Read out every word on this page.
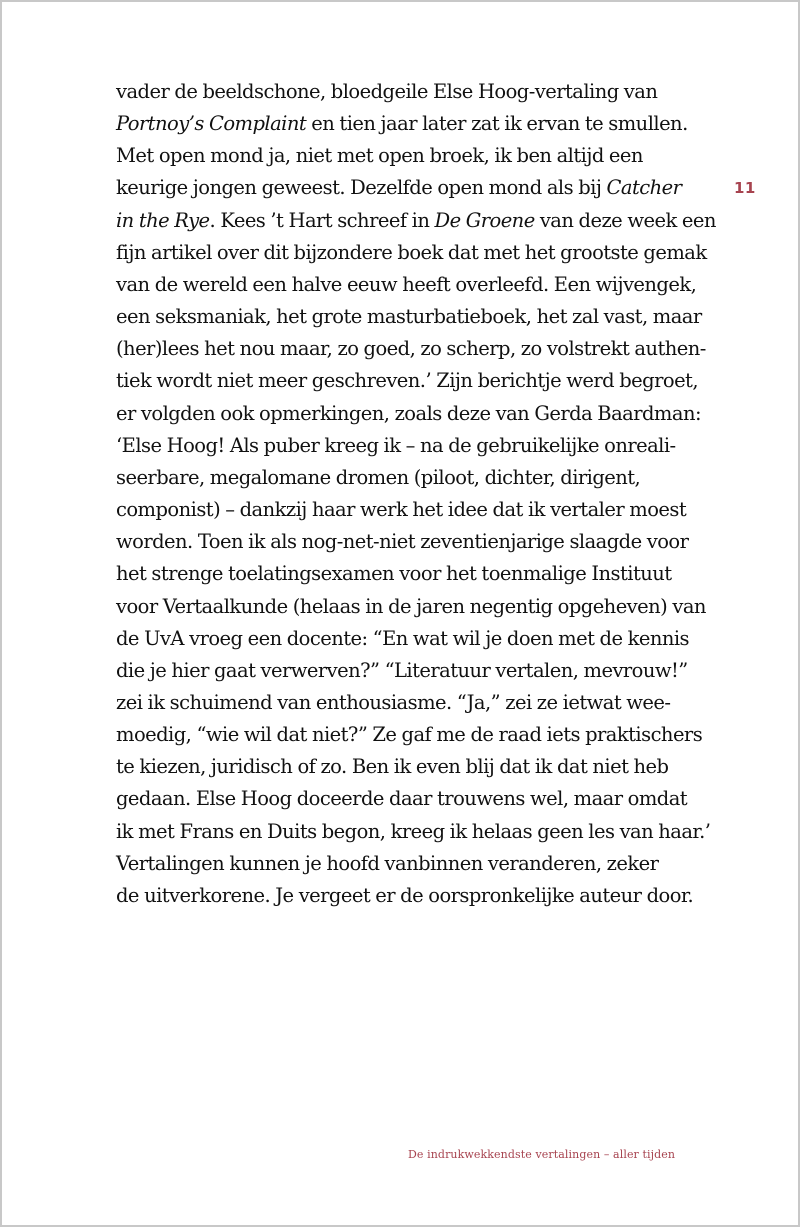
11
vader de beeldschone, bloedgeile Else Hoog-vertaling van
Portnoy’s Complaint en tien jaar later zat ik ervan te smullen.
Met open mond ja, niet met open broek, ik ben altijd een
keurige jongen geweest. Dezelfde open mond als bij Catcher
in the Rye. Kees ’t Hart schreef in De Groene van deze week een
fijn artikel over dit bijzondere boek dat met het grootste gemak
van de wereld een halve eeuw heeft overleefd. Een wijvengek,
een seksmaniak, het grote masturbatieboek, het zal vast, maar
(her)lees het nou maar, zo goed, zo scherp, zo volstrekt authen-
tiek wordt niet meer geschreven.’ Zijn berichtje werd begroet,
er volgden ook opmerkingen, zoals deze van Gerda Baardman:
‘Else Hoog! Als puber kreeg ik – na de gebruikelijke onreali-
seerbare, megalomane dromen (piloot, dichter, dirigent,
componist) – dankzij haar werk het idee dat ik vertaler moest
worden. Toen ik als nog-net-niet zeventienjarige slaagde voor
het strenge toelatingsexamen voor het toenmalige Instituut
voor Vertaalkunde (helaas in de jaren negentig opgeheven) van
de UvA vroeg een docente: “En wat wil je doen met de kennis
die je hier gaat verwerven?” “Literatuur vertalen, mevrouw!”
zei ik schuimend van enthousiasme. “Ja,” zei ze ietwat wee-
moedig, “wie wil dat niet?” Ze gaf me de raad iets praktischers
te kiezen, juridisch of zo. Ben ik even blij dat ik dat niet heb
gedaan. Else Hoog doceerde daar trouwens wel, maar omdat
ik met Frans en Duits begon, kreeg ik helaas geen les van haar.’
Vertalingen kunnen je hoofd vanbinnen veranderen, zeker
de uitverkorene. Je vergeet er de oorspronkelijke auteur door.
De indrukwekkendste vertalingen – aller tijden
